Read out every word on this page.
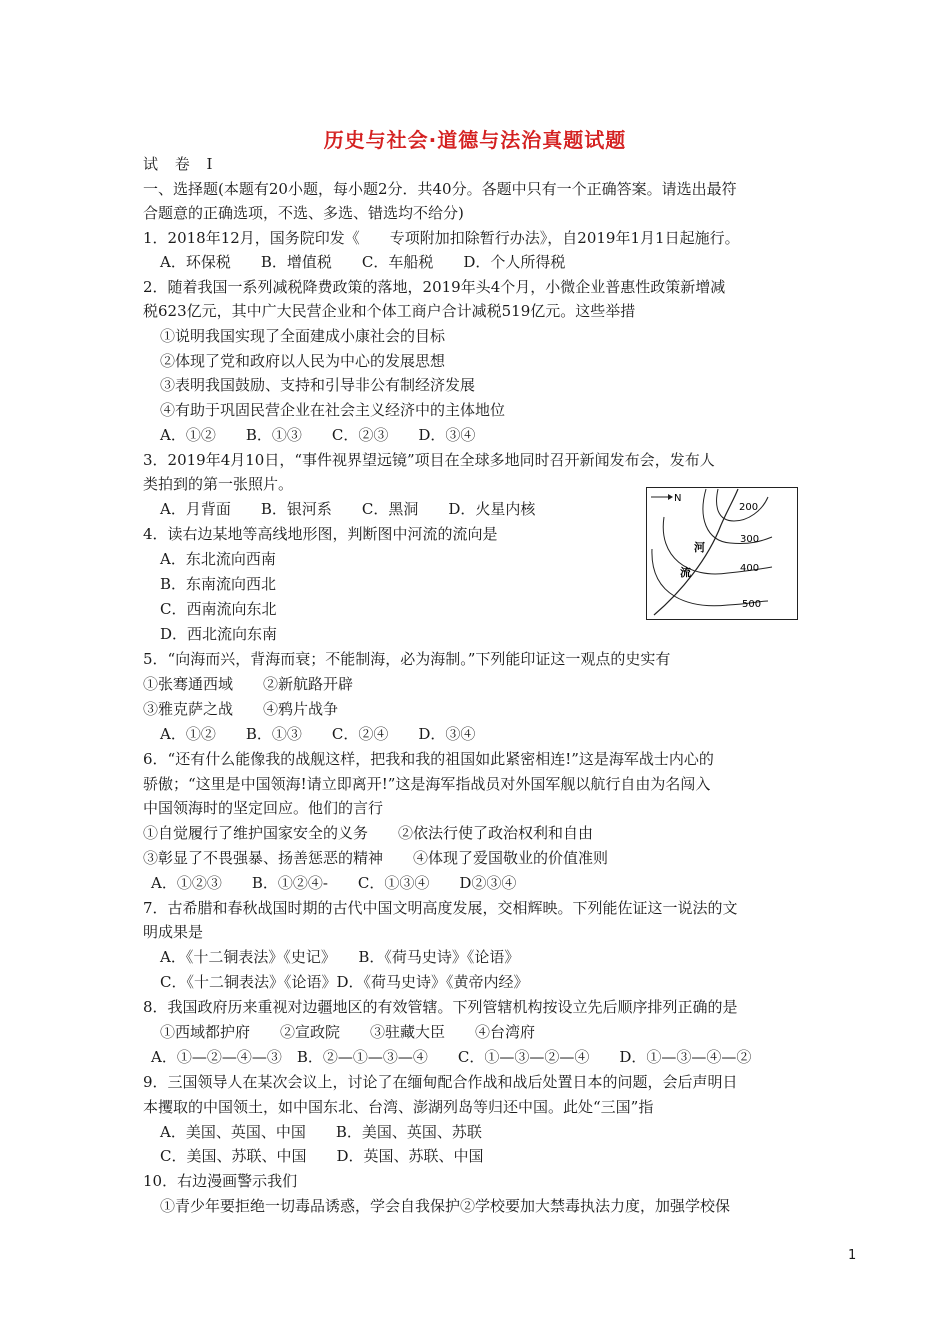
历史与社会·道德与法治真题试题
试 卷 Ⅰ
一、选择题(本题有20小题，每小题2分．共40分。各题中只有一个正确答案。请选出最符
合题意的正确选项，不选、多选、错选均不给分)
1．2018年12月，国务院印发《　　专项附加扣除暂行办法》，自2019年1月1日起施行。
A．环保税　　B．增值税　　C．车船税　　D．个人所得税
2．随着我国一系列减税降费政策的落地，2019年头4个月，小微企业普惠性政策新增减
税623亿元，其中广大民营企业和个体工商户合计减税519亿元。这些举措
①说明我国实现了全面建成小康社会的目标
②体现了党和政府以人民为中心的发展思想
③表明我国鼓励、支持和引导非公有制经济发展
④有助于巩固民营企业在社会主义经济中的主体地位
A．①②　　B．①③　　C．②③　　D．③④
3．2019年4月10日，“事件视界望远镜”项目在全球多地同时召开新闻发布会，发布人
类拍到的第一张照片。
A．月背面　　B．银河系　　C．黑洞　　D．火星内核
4．读右边某地等高线地形图，判断图中河流的流向是
A．东北流向西南
B．东南流向西北
C．西南流向东北
D．西北流向东南
N
200
300
400
500
河
流
5．“向海而兴，背海而衰；不能制海，必为海制。”下列能印证这一观点的史实有
①张骞通西域　　②新航路开辟
③雅克萨之战　　④鸦片战争
A．①②　　B．①③　　C．②④　　D．③④
6．“还有什么能像我的战舰这样，把我和我的祖国如此紧密相连!”这是海军战士内心的
骄傲；“这里是中国领海!请立即离开!”这是海军指战员对外国军舰以航行自由为名闯入
中国领海时的坚定回应。他们的言行
①自觉履行了维护国家安全的义务　　②依法行使了政治权利和自由
③彰显了不畏强暴、扬善惩恶的精神　　④体现了爱国敬业的价值准则
A．①②③　　B．①②④-　　C．①③④　　D②③④
7．古希腊和春秋战国时期的古代中国文明高度发展，交相辉映。下列能佐证这一说法的文
明成果是
A．《十二铜表法》《史记》　　B．《荷马史诗》《论语》
C．《十二铜表法》《论语》D．《荷马史诗》《黄帝内经》
8．我国政府历来重视对边疆地区的有效管辖。下列管辖机构按设立先后顺序排列正确的是
①西域都护府　　②宣政院　　③驻藏大臣　　④台湾府
A．①—②—④—③　B．②—①—③—④　　C．①—③—②—④　　D．①—③—④—②
9．三国领导人在某次会议上，讨论了在缅甸配合作战和战后处置日本的问题，会后声明日
本攫取的中国领土，如中国东北、台湾、澎湖列岛等归还中国。此处“三国”指
A．美国、英国、中国　　B．美国、英国、苏联
C．美国、苏联、中国　　D．英国、苏联、中国
10．右边漫画警示我们
①青少年要拒绝一切毒品诱惑，学会自我保护②学校要加大禁毒执法力度，加强学校保
1
